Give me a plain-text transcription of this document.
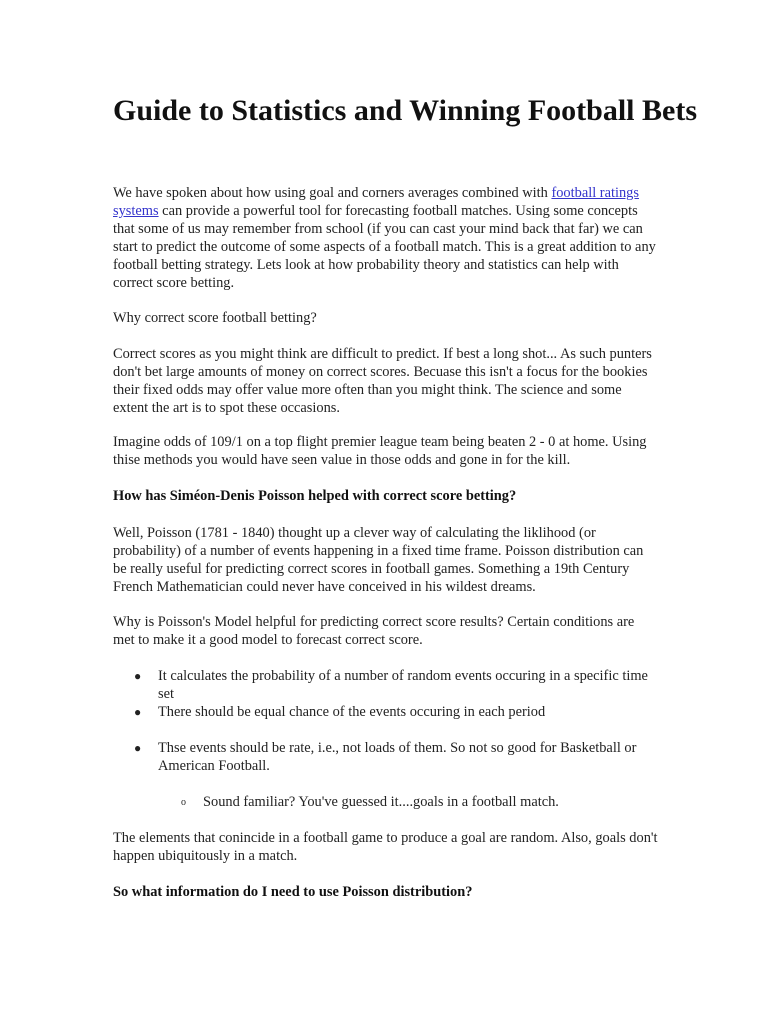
Guide to Statistics and Winning Football Bets
We have spoken about how using goal and corners averages combined with football ratings systems can provide a powerful tool for forecasting football matches. Using some concepts that some of us may remember from school (if you can cast your mind back that far) we can start to predict the outcome of some aspects of a football match. This is a great addition to any football betting strategy. Lets look at how probability theory and statistics can help with correct score betting.
Why correct score football betting?
Correct scores as you might think are difficult to predict. If best a long shot... As such punters don't bet large amounts of money on correct scores. Becuase this isn't a focus for the bookies their fixed odds may offer value more often than you might think. The science and some extent the art is to spot these occasions.
Imagine odds of 109/1 on a top flight premier league team being beaten 2 - 0 at home. Using thise methods you would have seen value in those odds and gone in for the kill.
How has Siméon-Denis Poisson helped with correct score betting?
Well, Poisson (1781 - 1840) thought up a clever way of calculating the liklihood (or probability) of a number of events happening in a fixed time frame. Poisson distribution can be really useful for predicting correct scores in football games. Something a 19th Century French Mathematician could never have conceived in his wildest dreams.
Why is Poisson's Model helpful for predicting correct score results? Certain conditions are met to make it a good model to forecast correct score.
● It calculates the probability of a number of random events occuring in a specific time set
● There should be equal chance of the events occuring in each period
● Thse events should be rate, i.e., not loads of them. So not so good for Basketball or American Football.
o Sound familiar? You've guessed it....goals in a football match.
The elements that conincide in a football game to produce a goal are random. Also, goals don't happen ubiquitously in a match.
So what information do I need to use Poisson distribution?
